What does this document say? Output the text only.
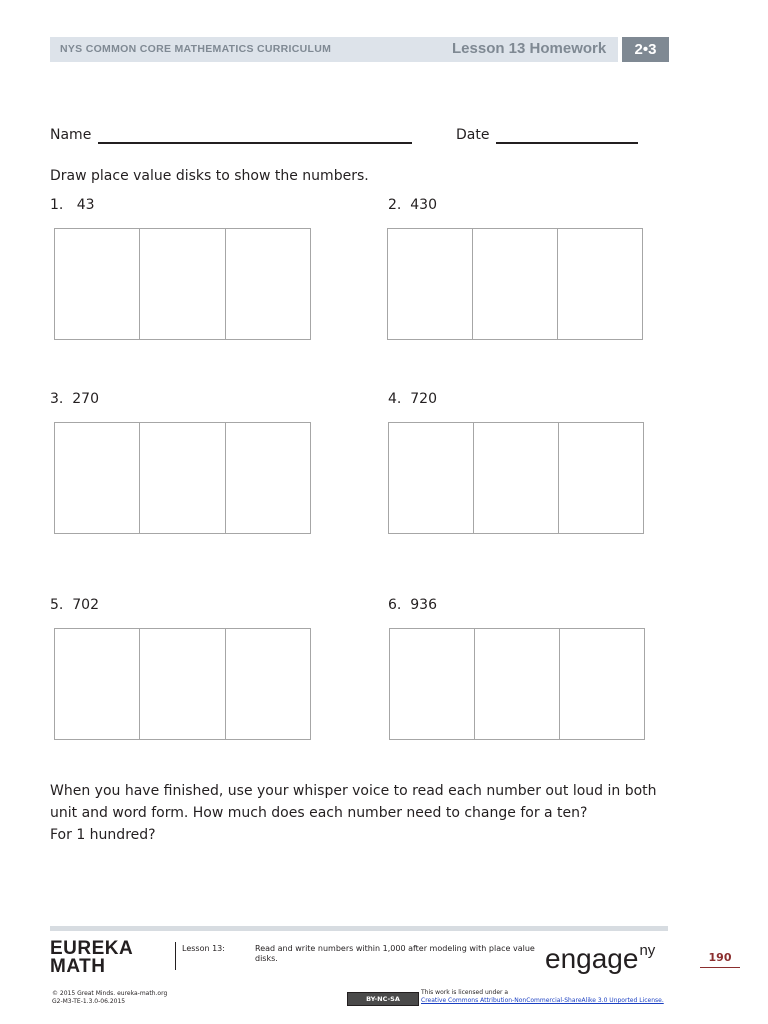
NYS COMMON CORE MATHEMATICS CURRICULUM	Lesson 13 Homework	2•3
Name	Date
Draw place value disks to show the numbers.
1.   43	2.  430
3.  270	4.  720
5.  702	6.  936
When you have finished, use your whisper voice to read each number out loud in both
unit and word form. How much does each number need to change for a ten?
For 1 hundred?
EUREKA
MATH
Lesson 13:	Read and write numbers within 1,000 after modeling with place value disks.	engage$^{ny}$	190
© 2015 Great Minds. eureka-math.org
G2-M3-TE-1.3.0-06.2015	BY-NC-SA
This work is licensed under a
Creative Commons Attribution-NonCommercial-ShareAlike 3.0 Unported License.
